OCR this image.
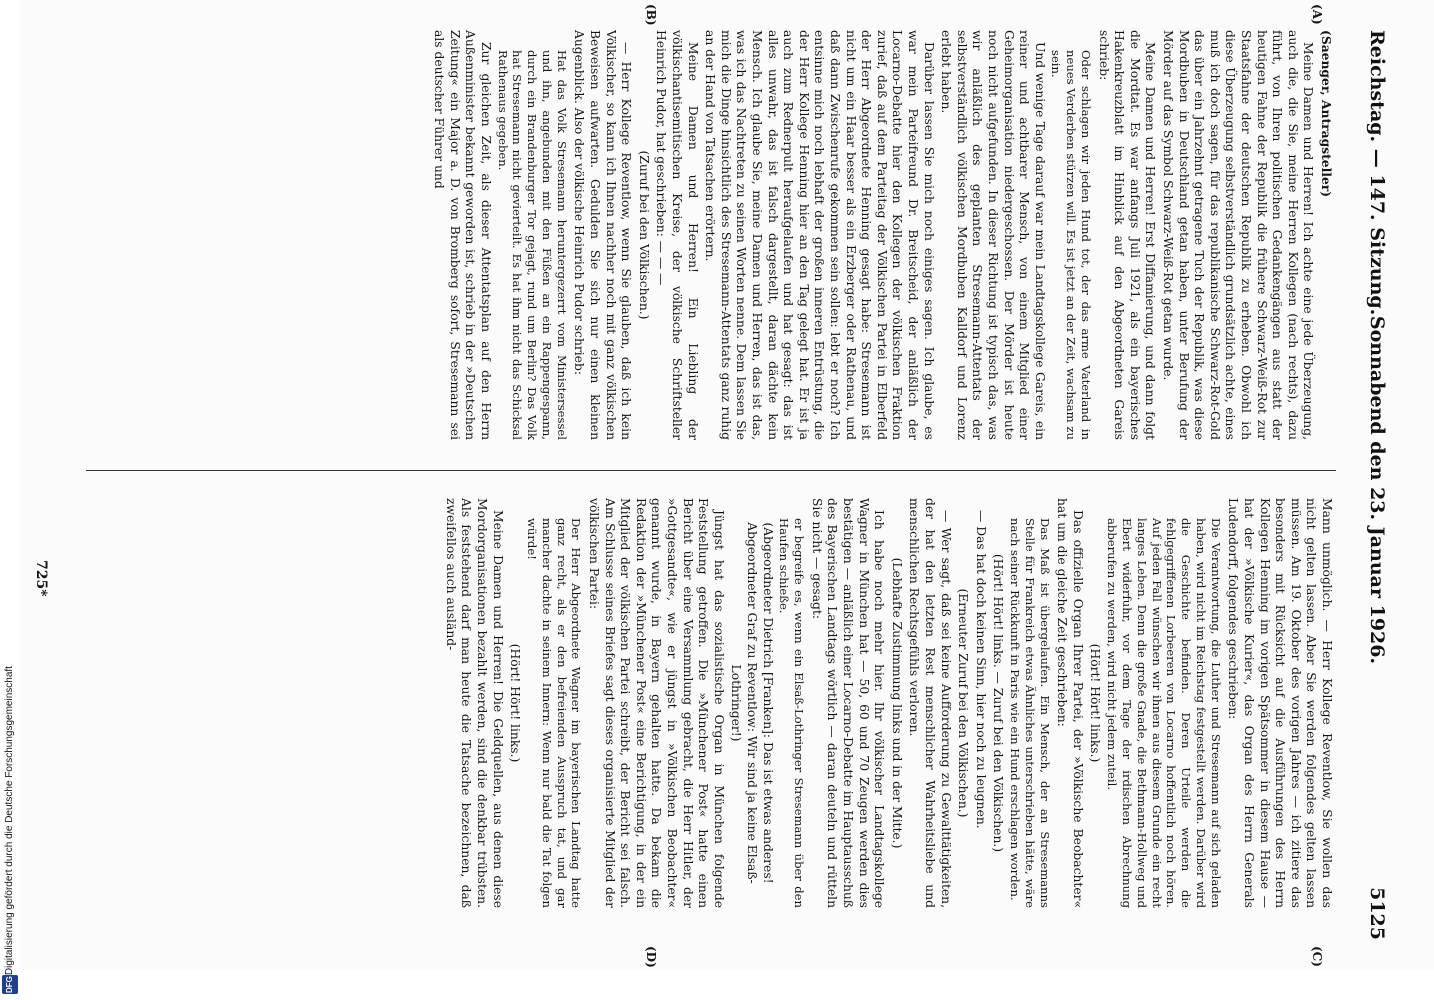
Reichstag. — 147. Sitzung.
Sonnabend den 23. Januar 1926.
5125
(A)
(B)
(C)
(D)
(Saenger, Antragsteller)
Meine Damen und Herren! Ich achte eine jede Überzeugung, auch die, die Sie, meine Herren Kollegen (nach rechts), dazu führt, von Ihren politischen Gedankengängen aus statt der heutigen Fahne der Republik die frühere Schwarz-Weiß-Rot zur Staatsfahne der deutschen Republik zu erheben. Obwohl ich diese Überzeugung selbstverständlich grundsätzlich achte, eines muß ich doch sagen, für das republikanische Schwarz-Rot-Gold das über ein Jahrzehnt getragene Tuch der Republik, was diese Mordbuben in Deutschland getan haben, unter Berufung der Mörder auf das Symbol Schwarz-Weiß-Rot getan wurde.
Meine Damen und Herren! Erst Diffamierung, und dann folgt die Mordtat. Es war anfangs Juli 1921, als ein bayerisches Hakenkreuzblatt im Hinblick auf den Abgeordneten Gareis schrieb:
Oder schlagen wir jeden Hund tot, der das arme Vaterland in neues Verderben stürzen will. Es ist jetzt an der Zeit, wachsam zu sein.
Und wenige Tage darauf war mein Landtagskollege Gareis, ein reiner und achtbarer Mensch, von einem Mitglied einer Geheimorganisation niedergeschossen. Der Mörder ist heute noch nicht aufgefunden. In dieser Richtung ist typisch das, was wir anläßlich des geplanten Stresemann-Attentats der selbstverständlich völkischen Mordbuben Kalldorf und Lorenz erlebt haben.
Darüber lassen Sie mich noch einiges sagen. Ich glaube, es war mein Parteifreund Dr. Breitscheid, der anläßlich der Locarno-Debatte hier den Kollegen der völkischen Fraktion zurief, daß auf dem Parteitag der Völkischen Partei in Elberfeld der Herr Abgeordnete Henning gesagt habe: Stresemann ist nicht um ein Haar besser als ein Erzberger oder Rathenau, und daß dann Zwischenrufe gekommen sein sollen: lebt er noch? Ich entsinne mich noch lebhaft der großen inneren Entrüstung, die der Herr Kollege Henning hier an den Tag gelegt hat. Er ist ja auch zum Rednerpult heraufgelaufen und hat gesagt: das ist alles unwahr, das ist falsch dargestellt, daran dächte kein Mensch. Ich glaube Sie, meine Damen und Herren, das ist das, was ich das Nachtreten zu seinen Worten nenne. Dem lassen Sie mich die Dinge hinsichtlich des Stresemann-Attentats ganz ruhig an der Hand von Tatsachen erörtern.
Meine Damen und Herren! Ein Liebling der völkischantisemitischen Kreise, der völkische Schriftsteller Heinrich Pudor, hat geschrieben: — — —
(Zuruf bei den Völkischen.)
— Herr Kollege Reventlow, wenn Sie glauben, daß ich kein Völkischer, so kann ich Ihnen nachher noch mit ganz völkischen Beweisen aufwarten. Gedulden Sie sich nur einen kleinen Augenblick. Also der völkische Heinrich Pudor schrieb:
Hat das Volk Stresemann heruntergezerrt vom Ministersessel und ihn, angebunden mit den Füßen an ein Rappengespann, durch ein Brandenburger Tor gejagt, rund um Berlin? Das Volk hat Stresemann nicht gevierteilt. Es hat ihm nicht das Schicksal Rathenaus gegeben.
Zur gleichen Zeit, als dieser Attentatsplan auf den Herrn Außenminister bekannt geworden ist, schrieb in der »Deutschen Zeitung« ein Major a. D. von Bromberg sofort, Stresemann sei als deutscher Führer und
Mann unmöglich. — Herr Kollege Reventlow, Sie wollen das nicht gelten lassen. Aber Sie werden folgendes gelten lassen müssen. Am 19. Oktober des vorigen Jahres — ich zitiere das besonders mit Rücksicht auf die Ausführungen des Herrn Kollegen Henning im vorigen Spätsommer in diesem Hause — hat der »Völkische Kurier«, das Organ des Herrn Generals Ludendorff, folgendes geschrieben:
Die Verantwortung, die Luther und Stresemann auf sich geladen haben, wird nicht im Reichstag festgestellt werden. Darüber wird die Geschichte befinden. Deren Urteile werden die fehlgegriffenen Lorbeeren von Locarno hoffentlich noch hören. Auf jeden Fall wünschen wir ihnen aus diesem Grunde ein recht langes Leben. Denn die große Gnade, die Bethmann-Hollweg und Ebert widerfuhr, vor dem Tage der irdischen Abrechnung abberufen zu werden, wird nicht jedem zuteil.
(Hört! Hört! links.)
Das offizielle Organ Ihrer Partei, der »Völkische Beobachter« hat um die gleiche Zeit geschrieben:
Das Maß ist übergelaufen. Ein Mensch, der an Stresemanns Stelle für Frankreich etwas Ähnliches unterschrieben hätte, wäre nach seiner Rückkunft in Paris wie ein Hund erschlagen worden.
(Hört! Hört! links. — Zuruf bei den Völkischen.)
— Das hat doch keinen Sinn, hier noch zu leugnen.
(Erneuter Zuruf bei den Völkischen.)
— Wer sagt, daß sei keine Aufforderung zu Gewalttätigkeiten, der hat den letzten Rest menschlicher Wahrheitsliebe und menschlichen Rechtsgefühls verloren.
(Lebhafte Zustimmung links und in der Mitte.)
Ich habe noch mehr hier. Ihr völkischer Landtagskollege Wagner in München hat — 50, 60 und 70 Zeugen werden dies bestätigen — anläßlich einer Locarno-Debatte im Hauptausschuß des Bayerischen Landtags wörtlich — daran deuteln und rütteln Sie nicht — gesagt:
er begreife es, wenn ein Elsaß-Lothringer Stresemann über den Haufen schieße.
(Abgeordneter Dietrich [Franken]: Das ist etwas anderes! Abgeordneter Graf zu Reventlow: Wir sind ja keine Elsaß-Lothringer!)
Jüngst hat das sozialistische Organ in München folgende Feststellung getroffen. Die »Münchener Post« hatte einen Bericht über eine Versammlung gebracht, die Herr Hitler, der »Gottgesandte«, wie er jüngst in »Völkischen Beobachter« genannt wurde, in Bayern gehalten hatte. Da bekam die Redaktion der »Münchener Post« eine Berichtigung, in der ein Mitglied der völkischen Partei schreibt, der Bericht sei falsch. Am Schlusse seines Briefes sagt dieses organisierte Mitglied der völkischen Partei:
Der Herr Abgeordnete Wagner im bayerischen Landtag hatte ganz recht, als er den befreienden Ausspruch tat, und gar mancher dachte in seinem Innern: Wenn nur bald die Tat folgen würde!
(Hört! Hört! links.)
Meine Damen und Herren! Die Geldquellen, aus denen diese Mordorganisationen bezahlt werden, sind die denkbar trübsten. Als feststehend darf man heute die Tatsache bezeichnen, daß zweifellos auch ausländ-
725*
DFGDigitalisierung gefördert durch die Deutsche Forschungsgemeinschaft
